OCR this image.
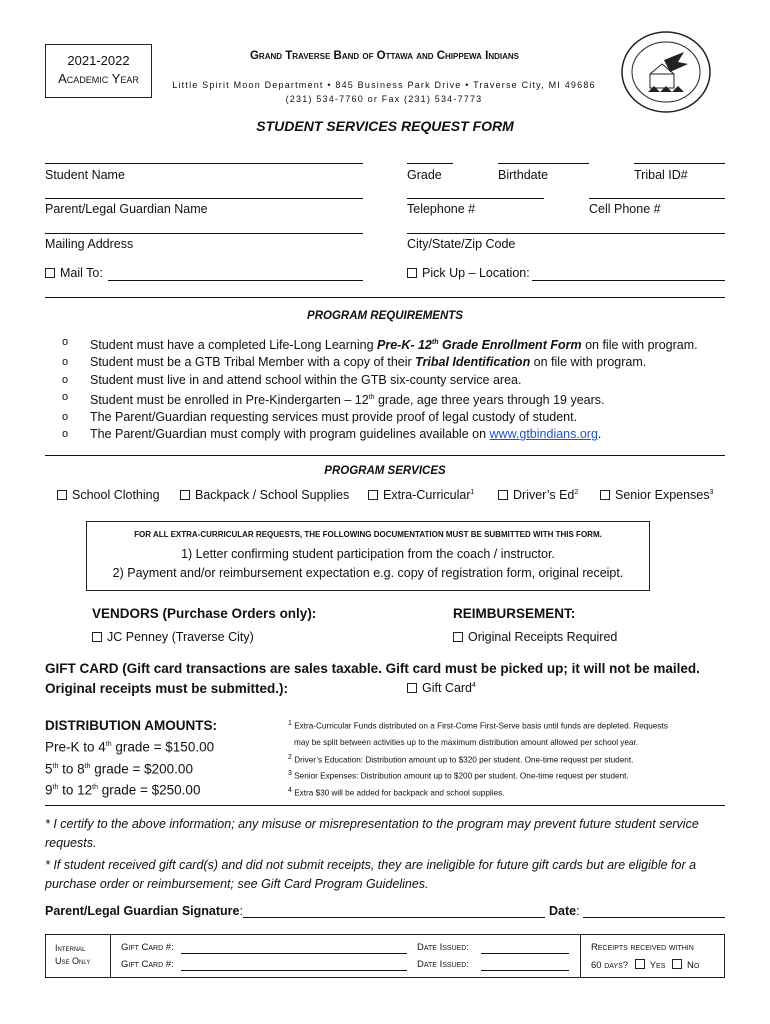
2021-2022
Academic Year
Grand Traverse Band of Ottawa and Chippewa Indians
Little Spirit Moon Department • 845 Business Park Drive • Traverse City, MI 49686
(231) 534-7760 or Fax (231) 534-7773
STUDENT SERVICES REQUEST FORM
Student Name	Grade	Birthdate	Tribal ID#
Parent/Legal Guardian Name	Telephone #	Cell Phone #
Mailing Address	City/State/Zip Code
Mail To:	Pick Up – Location:
PROGRAM REQUIREMENTS
o	Student must have a completed Life-Long Learning Pre-K- 12th Grade Enrollment Form on file with program.
o	Student must be a GTB Tribal Member with a copy of their Tribal Identification on file with program.
o	Student must live in and attend school within the GTB six-county service area.
o	Student must be enrolled in Pre-Kindergarten – 12th grade, age three years through 19 years.
o	The Parent/Guardian requesting services must provide proof of legal custody of student.
o	The Parent/Guardian must comply with program guidelines available on www.gtbindians.org.
PROGRAM SERVICES
School Clothing	Backpack / School Supplies	Extra-Curricular$^1$	Driver’s Ed$^2$	Senior Expenses$^3$
FOR ALL EXTRA-CURRICULAR REQUESTS, THE FOLLOWING DOCUMENTATION MUST BE SUBMITTED WITH THIS FORM.
1) Letter confirming student participation from the coach / instructor.
2) Payment and/or reimbursement expectation e.g. copy of registration form, original receipt.
VENDORS (Purchase Orders only):
JC Penney (Traverse City)
REIMBURSEMENT:
Original Receipts Required
GIFT CARD (Gift card transactions are sales taxable. Gift card must be picked up; it will not be mailed.
Original receipts must be submitted.):	Gift Card$^4$
DISTRIBUTION AMOUNTS:
Pre-K to 4th grade = $150.00
5th to 8th grade = $200.00
9th to 12th grade = $250.00
$^1$ Extra-Curricular Funds distributed on a First-Come First-Serve basis until funds are depleted. Requests
may be split between activities up to the maximum distribution amount allowed per school year.
$^2$ Driver’s Education: Distribution amount up to $320 per student. One-time request per student.
$^3$ Senior Expenses: Distribution amount up to $200 per student. One-time request per student.
$^4$ Extra $30 will be added for backpack and school supplies.
* I certify to the above information; any misuse or misrepresentation to the program may prevent future student service
requests.
* If student received gift card(s) and did not submit receipts, they are ineligible for future gift cards but are eligible for a
purchase order or reimbursement; see Gift Card Program Guidelines.
Parent/Legal Guardian Signature:	Date:
Internal
Use Only
Gift Card #:	Date Issued:
Gift Card #:	Date Issued:
Receipts received within
60 days? Yes No
